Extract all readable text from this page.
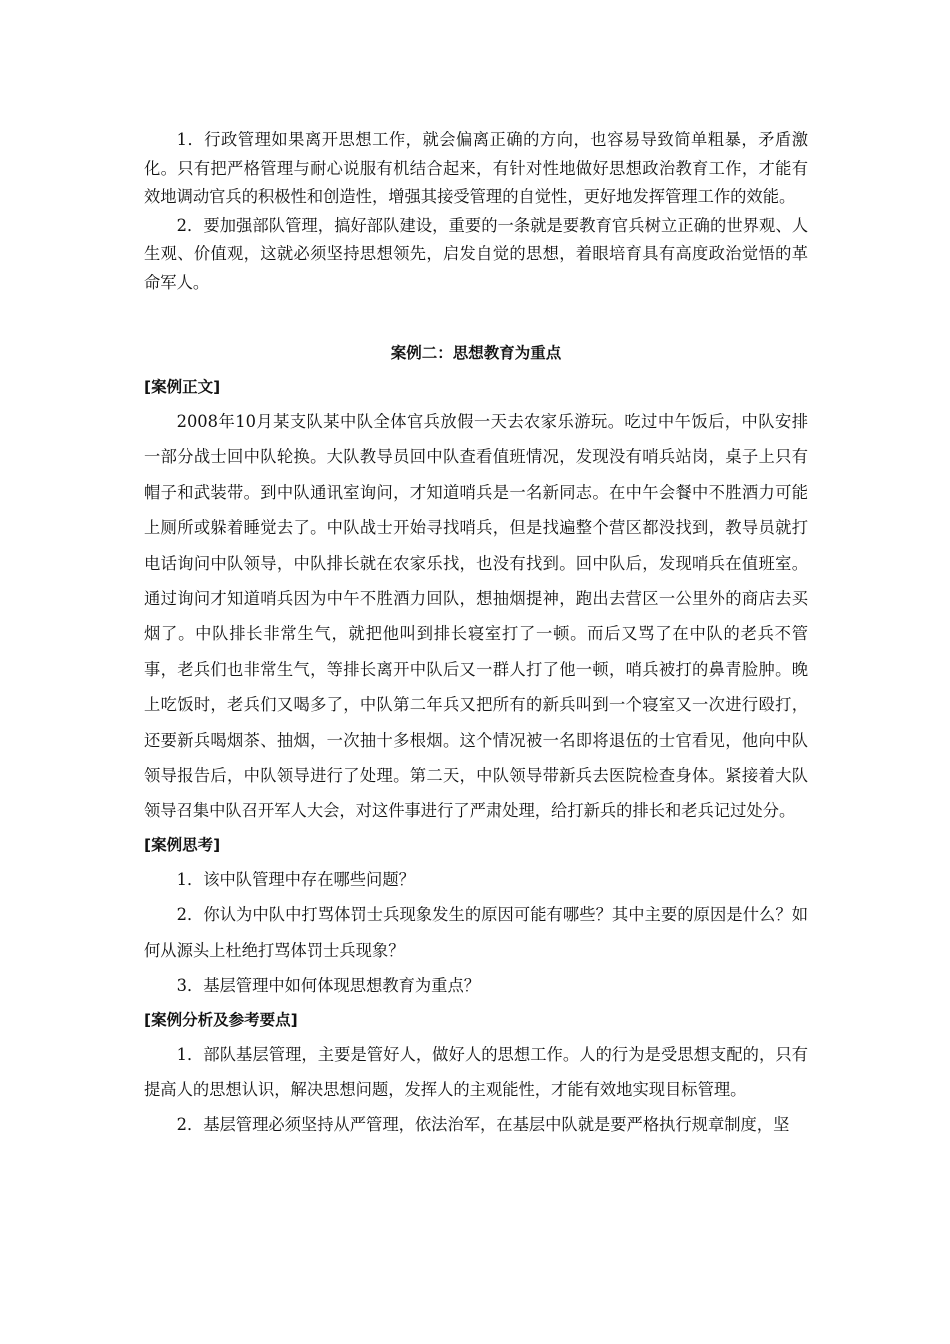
1．行政管理如果离开思想工作，就会偏离正确的方向，也容易导致简单粗暴，矛盾激化。只有把严格管理与耐心说服有机结合起来，有针对性地做好思想政治教育工作，才能有效地调动官兵的积极性和创造性，增强其接受管理的自觉性，更好地发挥管理工作的效能。

2．要加强部队管理，搞好部队建设，重要的一条就是要教育官兵树立正确的世界观、人生观、价值观，这就必须坚持思想领先，启发自觉的思想，着眼培育具有高度政治觉悟的革命军人。

案例二：思想教育为重点

[案例正文]

2008年10月某支队某中队全体官兵放假一天去农家乐游玩。吃过中午饭后，中队安排一部分战士回中队轮换。大队教导员回中队查看值班情况，发现没有哨兵站岗，桌子上只有帽子和武装带。到中队通讯室询问，才知道哨兵是一名新同志。在中午会餐中不胜酒力可能上厕所或躲着睡觉去了。中队战士开始寻找哨兵，但是找遍整个营区都没找到，教导员就打电话询问中队领导，中队排长就在农家乐找，也没有找到。回中队后，发现哨兵在值班室。通过询问才知道哨兵因为中午不胜酒力回队，想抽烟提神，跑出去营区一公里外的商店去买烟了。中队排长非常生气，就把他叫到排长寝室打了一顿。而后又骂了在中队的老兵不管事，老兵们也非常生气，等排长离开中队后又一群人打了他一顿，哨兵被打的鼻青脸肿。晚上吃饭时，老兵们又喝多了，中队第二年兵又把所有的新兵叫到一个寝室又一次进行殴打，还要新兵喝烟茶、抽烟，一次抽十多根烟。这个情况被一名即将退伍的士官看见，他向中队领导报告后，中队领导进行了处理。第二天，中队领导带新兵去医院检查身体。紧接着大队领导召集中队召开军人大会，对这件事进行了严肃处理，给打新兵的排长和老兵记过处分。

[案例思考]

1．该中队管理中存在哪些问题？

2．你认为中队中打骂体罚士兵现象发生的原因可能有哪些？其中主要的原因是什么？如何从源头上杜绝打骂体罚士兵现象？

3．基层管理中如何体现思想教育为重点？

[案例分析及参考要点]

1．部队基层管理，主要是管好人，做好人的思想工作。人的行为是受思想支配的，只有提高人的思想认识，解决思想问题，发挥人的主观能性，才能有效地实现目标管理。

2．基层管理必须坚持从严管理，依法治军，在基层中队就是要严格执行规章制度，坚
